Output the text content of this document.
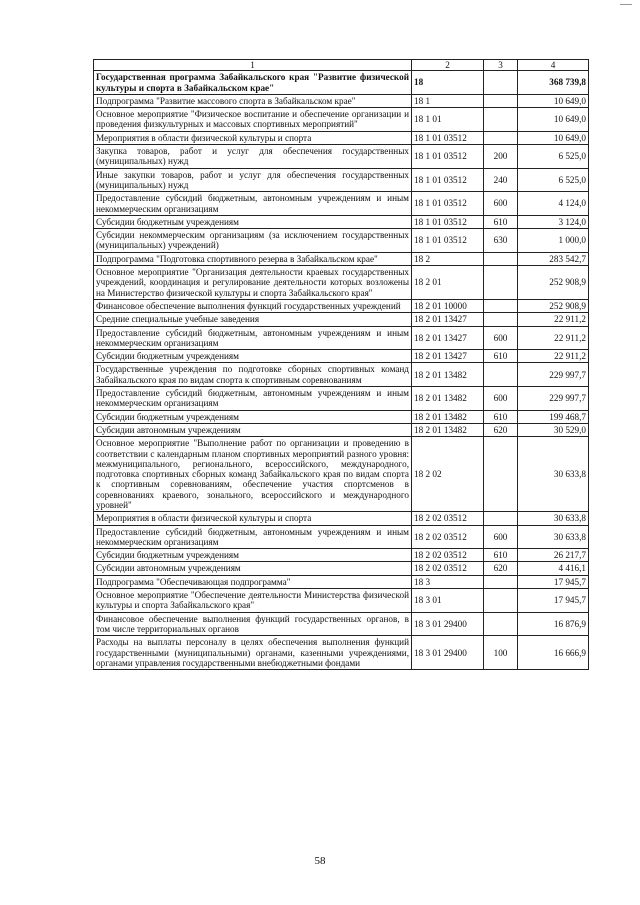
1	2	3	4
Государственная программа Забайкальского края "Развитие физической культуры и спорта в Забайкальском крае"	18		368 739,8
Подпрограмма "Развитие массового спорта в Забайкальском крае"	18 1		10 649,0
Основное мероприятие "Физическое воспитание и обеспечение организации и проведения физкультурных и массовых спортивных мероприятий"	18 1 01		10 649,0
Мероприятия в области физической культуры и спорта	18 1 01 03512		10 649,0
Закупка товаров, работ и услуг для обеспечения государственных (муниципальных) нужд	18 1 01 03512	200	6 525,0
Иные закупки товаров, работ и услуг для обеспечения государственных (муниципальных) нужд	18 1 01 03512	240	6 525,0
Предоставление субсидий бюджетным, автономным учреждениям и иным некоммерческим организациям	18 1 01 03512	600	4 124,0
Субсидии бюджетным учреждениям	18 1 01 03512	610	3 124,0
Субсидии некоммерческим организациям (за исключением государственных (муниципальных) учреждений)	18 1 01 03512	630	1 000,0
Подпрограмма "Подготовка спортивного резерва в Забайкальском крае"	18 2		283 542,7
Основное мероприятие "Организация деятельности краевых государственных учреждений, координация и регулирование деятельности которых возложены на Министерство физической культуры и спорта Забайкальского края"	18 2 01		252 908,9
Финансовое обеспечение выполнения функций государственных учреждений	18 2 01 10000		252 908,9
Средние специальные учебные заведения	18 2 01 13427		22 911,2
Предоставление субсидий бюджетным, автономным учреждениям и иным некоммерческим организациям	18 2 01 13427	600	22 911,2
Субсидии бюджетным учреждениям	18 2 01 13427	610	22 911,2
Государственные учреждения по подготовке сборных спортивных команд Забайкальского края по видам спорта к спортивным соревнованиям	18 2 01 13482		229 997,7
Предоставление субсидий бюджетным, автономным учреждениям и иным некоммерческим организациям	18 2 01 13482	600	229 997,7
Субсидии бюджетным учреждениям	18 2 01 13482	610	199 468,7
Субсидии автономным учреждениям	18 2 01 13482	620	30 529,0
Основное мероприятие "Выполнение работ по организации и проведению в соответствии с календарным планом спортивных мероприятий разного уровня: межмуниципального, регионального, всероссийского, международного, подготовка спортивных сборных команд Забайкальского края по видам спорта к спортивным соревнованиям, обеспечение участия спортсменов в соревнованиях краевого, зонального, всероссийского и международного уровней"	18 2 02		30 633,8
Мероприятия в области физической культуры и спорта	18 2 02 03512		30 633,8
Предоставление субсидий бюджетным, автономным учреждениям и иным некоммерческим организациям	18 2 02 03512	600	30 633,8
Субсидии бюджетным учреждениям	18 2 02 03512	610	26 217,7
Субсидии автономным учреждениям	18 2 02 03512	620	4 416,1
Подпрограмма "Обеспечивающая подпрограмма"	18 3		17 945,7
Основное мероприятие "Обеспечение деятельности Министерства физической культуры и спорта Забайкальского края"	18 3 01		17 945,7
Финансовое обеспечение выполнения функций государственных органов, в том числе территориальных органов	18 3 01 29400		16 876,9
Расходы на выплаты персоналу в целях обеспечения выполнения функций государственными (муниципальными) органами, казенными учреждениями, органами управления государственными внебюджетными фондами	18 3 01 29400	100	16 666,9
58
